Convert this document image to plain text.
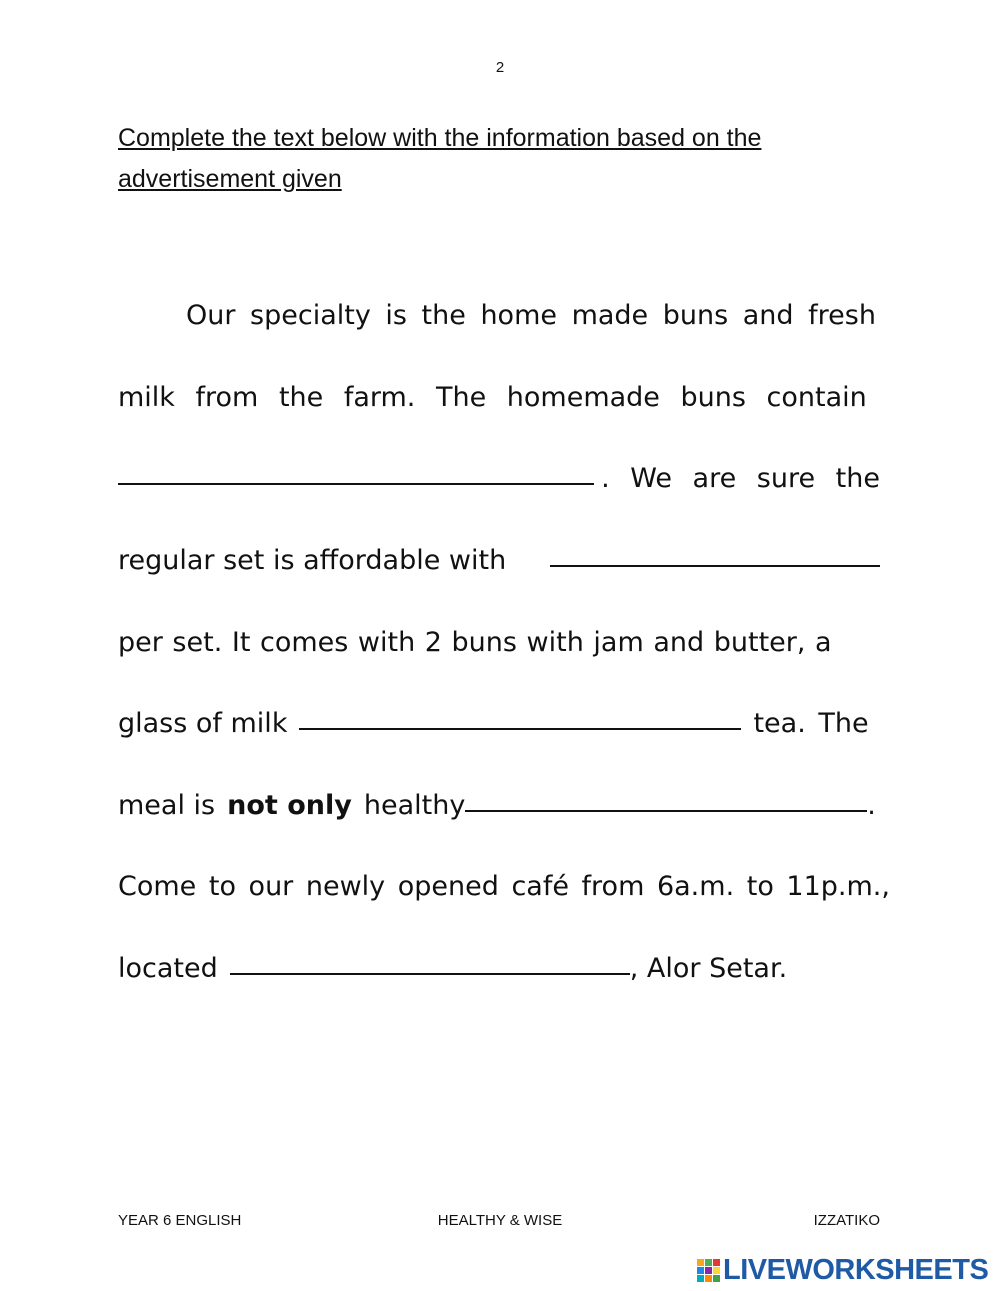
2
Complete the text below with the information based on the advertisement given
Our specialty is the home made buns and fresh
milk from the farm. The homemade buns contain
. We are sure the
regular set is affordable with
per set. It comes with 2 buns with jam and butter, a
glass of milk	tea. The
meal is not only healthy	.
Come to our newly opened café from 6a.m. to 11p.m.,
located	, Alor Setar.
YEAR 6 ENGLISH	HEALTHY & WISE	IZZATIKO
LIVEWORKSHEETS
